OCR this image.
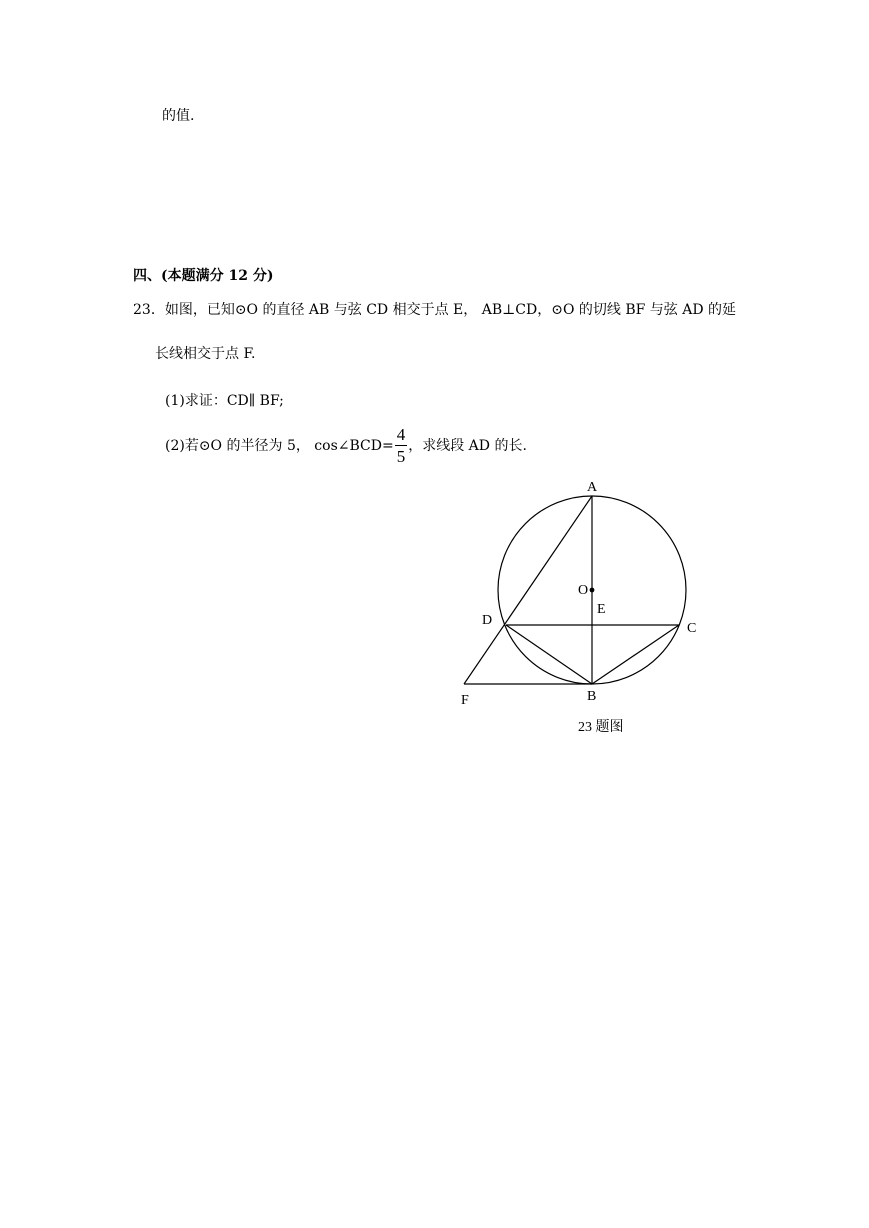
的值.
四、(本题满分 12 分)
23．如图，已知⊙O 的直径 AB 与弦 CD 相交于点 E， AB⊥CD，⊙O 的切线 BF 与弦 AD 的延
长线相交于点 F.
(1)求证：CD∥ BF;
(2)若⊙O 的半径为 5， cos∠BCD= $\frac{4}{5}$ ，求线段 AD 的长.
A
O
E
D
C
F	B
23 题图
